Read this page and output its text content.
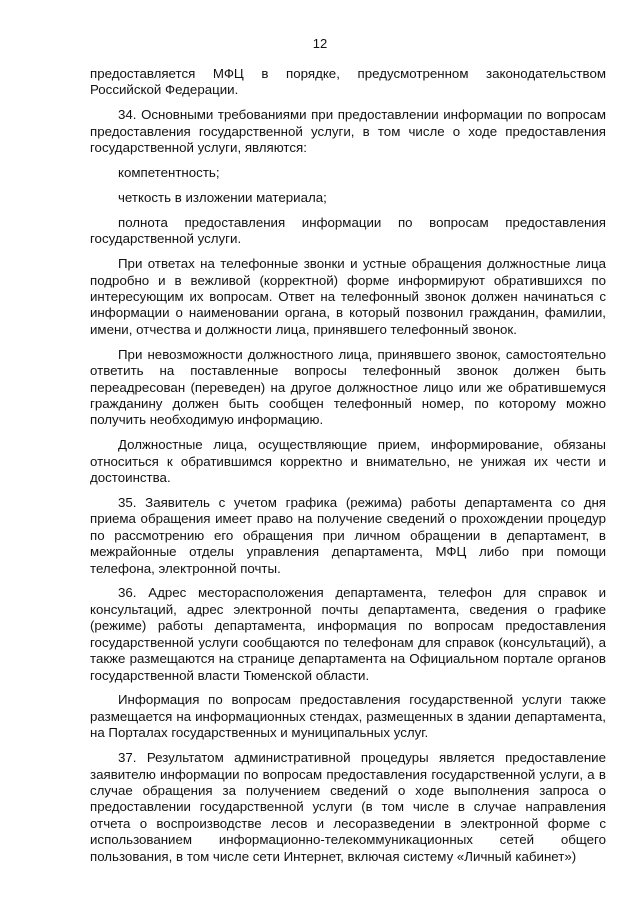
12

предоставляется МФЦ в порядке, предусмотренном законодательством Российской Федерации.

34. Основными требованиями при предоставлении информации по вопросам предоставления государственной услуги, в том числе о ходе предоставления государственной услуги, являются:

компетентность;

четкость в изложении материала;

полнота предоставления информации по вопросам предоставления государственной услуги.

При ответах на телефонные звонки и устные обращения должностные лица подробно и в вежливой (корректной) форме информируют обратившихся по интересующим их вопросам. Ответ на телефонный звонок должен начинаться с информации о наименовании органа, в который позвонил гражданин, фамилии, имени, отчества и должности лица, принявшего телефонный звонок.

При невозможности должностного лица, принявшего звонок, самостоятельно ответить на поставленные вопросы телефонный звонок должен быть переадресован (переведен) на другое должностное лицо или же обратившемуся гражданину должен быть сообщен телефонный номер, по которому можно получить необходимую информацию.

Должностные лица, осуществляющие прием, информирование, обязаны относиться к обратившимся корректно и внимательно, не унижая их чести и достоинства.

35. Заявитель с учетом графика (режима) работы департамента со дня приема обращения имеет право на получение сведений о прохождении процедур по рассмотрению его обращения при личном обращении в департамент, в межрайонные отделы управления департамента, МФЦ либо при помощи телефона, электронной почты.

36. Адрес месторасположения департамента, телефон для справок и консультаций, адрес электронной почты департамента, сведения о графике (режиме) работы департамента, информация по вопросам предоставления государственной услуги сообщаются по телефонам для справок (консультаций), а также размещаются на странице департамента на Официальном портале органов государственной власти Тюменской области.

Информация по вопросам предоставления государственной услуги также размещается на информационных стендах, размещенных в здании департамента, на Порталах государственных и муниципальных услуг.

37. Результатом административной процедуры является предоставление заявителю информации по вопросам предоставления государственной услуги, а в случае обращения за получением сведений о ходе выполнения запроса о предоставлении государственной услуги (в том числе в случае направления отчета о воспроизводстве лесов и лесоразведении в электронной форме с использованием информационно-телекоммуникационных сетей общего пользования, в том числе сети Интернет, включая систему «Личный кабинет»)
